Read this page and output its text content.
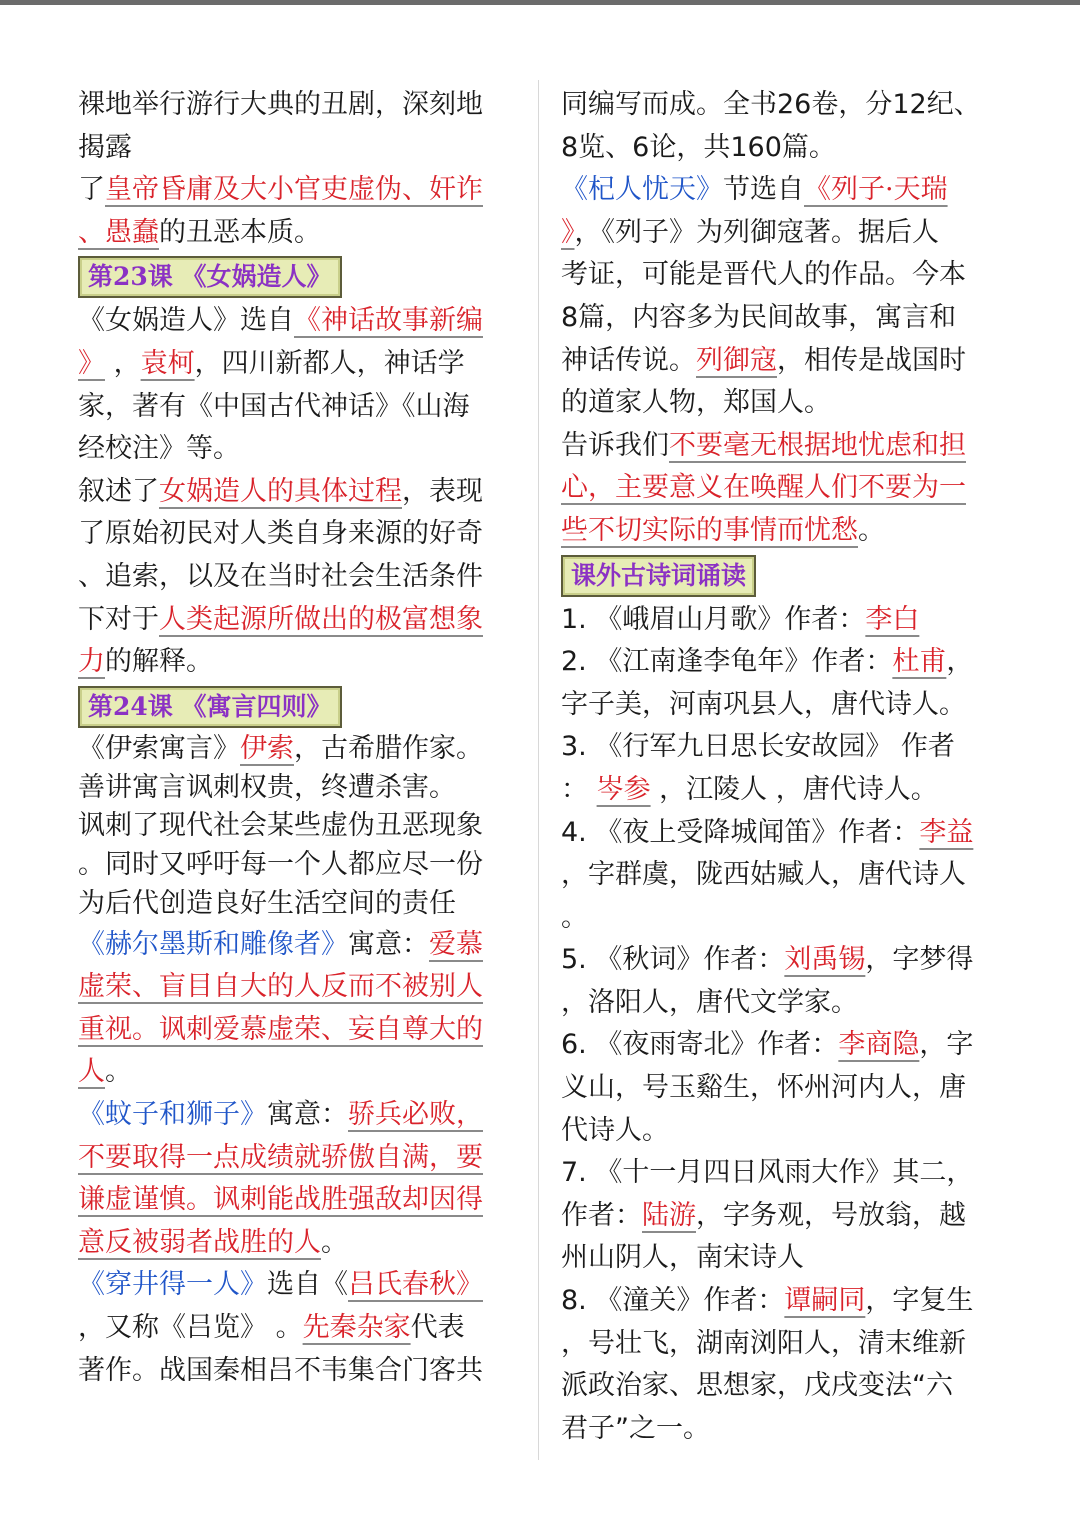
裸地举行游行大典的丑剧，深刻地
揭露
了皇帝昏庸及大小官吏虚伪、奸诈
、愚蠢的丑恶本质。
第23课 《女娲造人》
《女娲造人》选自《神话故事新编
》 ，袁柯，四川新都人，神话学
家，著有《中国古代神话》《山海
经校注》等。
叙述了女娲造人的具体过程，表现
了原始初民对人类自身来源的好奇
、追索，以及在当时社会生活条件
下对于人类起源所做出的极富想象
力的解释。
第24课 《寓言四则》
《伊索寓言》伊索，古希腊作家。
善讲寓言讽刺权贵，终遭杀害。
讽刺了现代社会某些虚伪丑恶现象
。同时又呼吁每一个人都应尽一份
为后代创造良好生活空间的责任
《赫尔墨斯和雕像者》寓意：爱慕
虚荣、盲目自大的人反而不被别人
重视。讽刺爱慕虚荣、妄自尊大的
人。
《蚊子和狮子》寓意：骄兵必败，
不要取得一点成绩就骄傲自满，要
谦虚谨慎。讽刺能战胜强敌却因得
意反被弱者战胜的人。
《穿井得一人》选自《吕氏春秋》
，又称《吕览》 。先秦杂家代表
著作。战国秦相吕不韦集合门客共
同编写而成。全书26卷，分12纪、
8览、6论，共160篇。
《杞人忧天》节选自《列子·天瑞
》，《列子》为列御寇著。据后人
考证，可能是晋代人的作品。今本
8篇，内容多为民间故事，寓言和
神话传说。列御寇，相传是战国时
的道家人物，郑国人。
告诉我们不要毫无根据地忧虑和担
心，主要意义在唤醒人们不要为一
些不切实际的事情而忧愁。
课外古诗词诵读
1. 《峨眉山月歌》作者：李白
2. 《江南逢李龟年》作者：杜甫，
字子美，河南巩县人，唐代诗人。
3. 《行军九日思长安故园》 作者
： 岑参 ，江陵人 ，唐代诗人。
4. 《夜上受降城闻笛》作者：李益
，字群虞，陇西姑臧人，唐代诗人
。
5. 《秋词》作者：刘禹锡，字梦得
，洛阳人，唐代文学家。
6. 《夜雨寄北》作者：李商隐，字
义山，号玉谿生，怀州河内人，唐
代诗人。
7. 《十一月四日风雨大作》其二，
作者：陆游，字务观，号放翁，越
州山阴人，南宋诗人
8. 《潼关》作者：谭嗣同，字复生
，号壮飞，湖南浏阳人，清末维新
派政治家、思想家，戊戌变法“六
君子”之一。
